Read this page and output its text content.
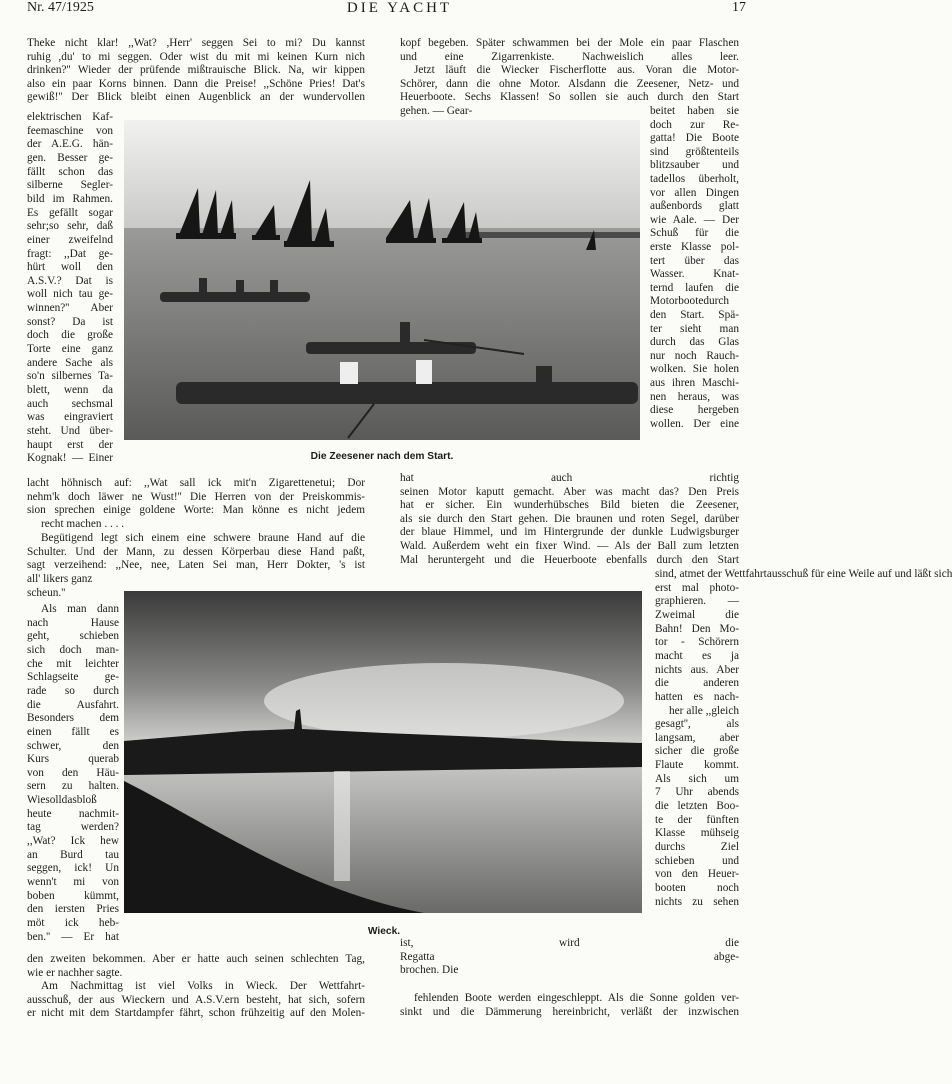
Nr. 47/1925	DIE YACHT	17
Die Zeesener nach dem Start.
Wieck.
Theke nicht klar! ,,Wat? ,Herr' seggen Sei to mi? Du kannst
ruhig ,du' to mi seggen. Oder wist du mit mi keinen Kurn nich
drinken?'' Wieder der prüfende mißtrauische Blick. Na, wir kippen
also ein paar Korns binnen. Dann die Preise! ,,Schöne Pries! Dat's
gewiß!'' Der Blick bleibt einen Augenblick an der wundervollen
elektrischen Kaf-
feemaschine von
der A.E.G. hän-
gen. Besser ge-
fällt schon das
silberne Segler-
bild im Rahmen.
Es gefällt sogar
sehr;so sehr, daß
einer zweifelnd
fragt: ,,Dat ge-
hürt woll den
A.S.V.? Dat is
woll nich tau ge-
winnen?'' Aber
sonst? Da ist
doch die große
Torte eine ganz
andere Sache als
so'n silbernes Ta-
blett, wenn da
auch sechsmal
was eingraviert
steht. Und über-
haupt erst der
Kognak! — Einer
lacht höhnisch auf: ,,Wat sall ick mit'n Zigarettenetui; Dor
nehm'k doch läwer ne Wust!'' Die Herren von der Preiskommis-
sion sprechen einige goldene Worte: Man könne es nicht jedem
recht machen . . . .
Begütigend legt sich einem eine schwere braune Hand auf die
Schulter. Und der Mann, zu dessen Körperbau diese Hand paßt,
sagt verzeihend: ,,Nee, nee, Laten Sei man, Herr Dokter, 's ist
all' likers ganz
scheun.''
Als man dann
nach Hause
geht, schieben
sich doch man-
che mit leichter
Schlagseite ge-
rade so durch
die Ausfahrt.
Besonders dem
einen fällt es
schwer, den
Kurs querab
von den Häu-
sern zu halten.
Wiesolldasbloß
heute nachmit-
tag werden?
,,Wat? Ick hew
an Burd tau
seggen, ick! Un
wenn't mi von
boben kümmt,
den iersten Pries
möt ick heb-
ben.'' — Er hat
den zweiten bekommen. Aber er hatte auch seinen schlechten Tag,
wie er nachher sagte.
Am Nachmittag ist viel Volks in Wieck. Der Wettfahrt-
ausschuß, der aus Wieckern und A.S.V.ern besteht, hat sich, sofern
er nicht mit dem Startdampfer fährt, schon frühzeitig auf den Molen-
kopf begeben. Später schwammen bei der Mole ein paar Flaschen
und eine Zigarrenkiste. Nachweislich alles leer.
Jetzt läuft die Wiecker Fischerflotte aus. Voran die Motor-
Schörer, dann die ohne Motor. Alsdann die Zeesener, Netz- und
Heuerboote. Sechs Klassen! So sollen sie auch durch den Start
gehen. — Gear-	beitet haben sie
doch zur Re-
gatta! Die Boote
sind größtenteils
blitzsauber und
tadellos überholt,
vor allen Dingen
außenbords glatt
wie Aale. — Der
Schuß für die
erste Klasse pol-
tert über das
Wasser. Knat-
ternd laufen die
Motorbootedurch
den Start. Spä-
ter sieht man
durch das Glas
nur noch Rauch-
wolken. Sie holen
aus ihren Maschi-
nen heraus, was
diese hergeben
wollen. Der eine
hat auch richtig
seinen Motor kaputt gemacht. Aber was macht das? Den Preis
hat er sicher. Ein wunderhübsches Bild bieten die Zeesener,
als sie durch den Start gehen. Die braunen und roten Segel, darüber
der blaue Himmel, und im Hintergrunde der dunkle Ludwigsburger
Wald. Außerdem weht ein fixer Wind. — Als der Ball zum letzten
Mal heruntergeht und die Heuerboote ebenfalls durch den Start
sind, atmet der Wettfahrtausschuß für eine Weile auf und läßt sich
erst mal photo-
graphieren. —
Zweimal die
Bahn! Den Mo-
tor - Schörern
macht es ja
nichts aus. Aber
die anderen
hatten es nach-
her alle ,,gleich
gesagt'', als
langsam, aber
sicher die große
Flaute kommt.
Als sich um
7 Uhr abends
die letzten Boo-
te der fünften
Klasse mühseig
durchs Ziel
schieben und
von den Heuer-
booten noch
nichts zu sehen
ist, wird die
Regatta abge-
brochen. Die
fehlenden Boote werden eingeschleppt. Als die Sonne golden ver-
sinkt und die Dämmerung hereinbricht, verläßt der inzwischen
